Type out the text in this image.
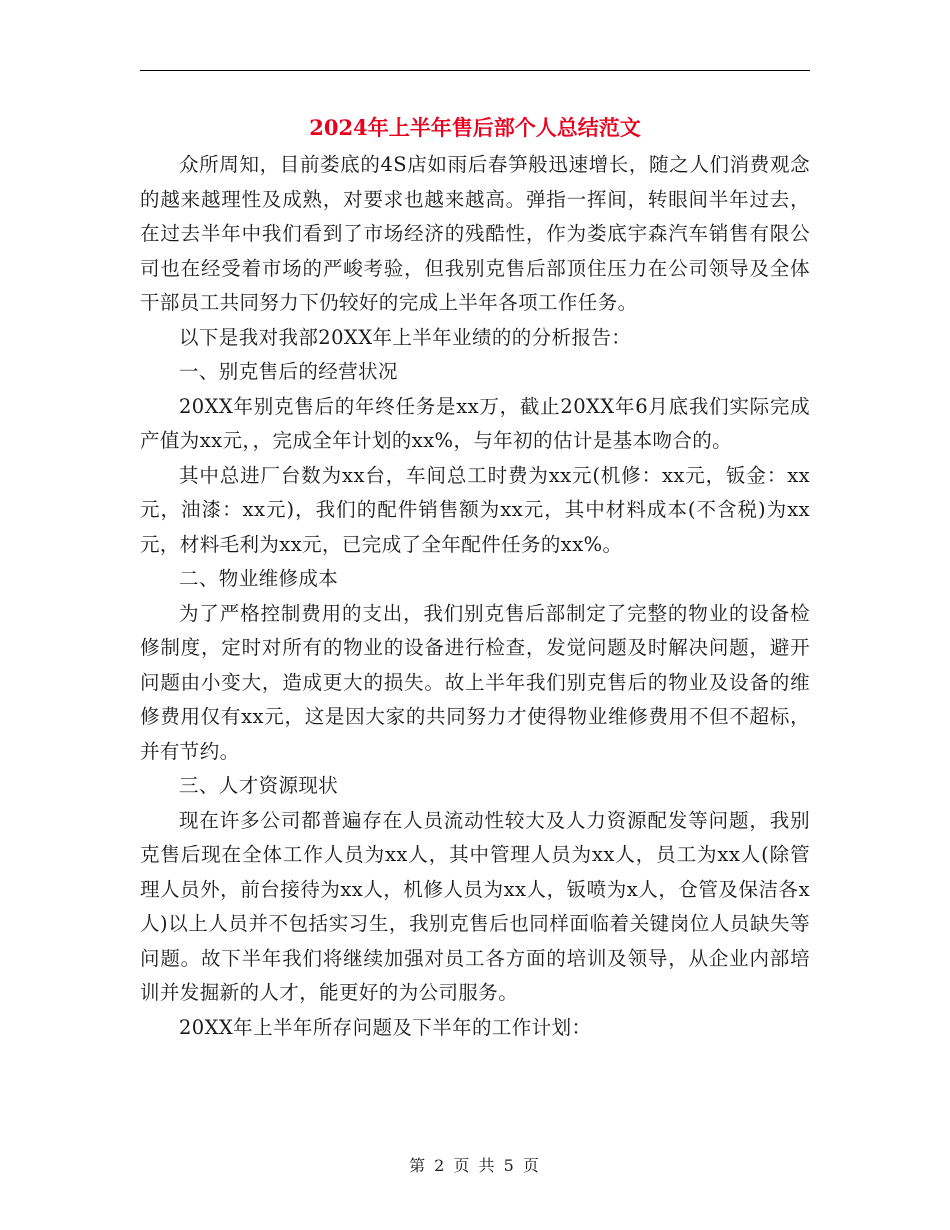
2024年上半年售后部个人总结范文

众所周知，目前娄底的4S店如雨后春笋般迅速增长，随之人们消费观念的越来越理性及成熟，对要求也越来越高。弹指一挥间，转眼间半年过去，在过去半年中我们看到了市场经济的残酷性，作为娄底宇森汽车销售有限公司也在经受着市场的严峻考验，但我别克售后部顶住压力在公司领导及全体干部员工共同努力下仍较好的完成上半年各项工作任务。

以下是我对我部20XX年上半年业绩的的分析报告：

一、别克售后的经营状况

20XX年别克售后的年终任务是xx万，截止20XX年6月底我们实际完成产值为xx元，，完成全年计划的xx%，与年初的估计是基本吻合的。

其中总进厂台数为xx台，车间总工时费为xx元(机修：xx元，钣金：xx元，油漆：xx元)，我们的配件销售额为xx元，其中材料成本(不含税)为xx元，材料毛利为xx元，已完成了全年配件任务的xx%。

二、物业维修成本

为了严格控制费用的支出，我们别克售后部制定了完整的物业的设备检修制度，定时对所有的物业的设备进行检查，发觉问题及时解决问题，避开问题由小变大，造成更大的损失。故上半年我们别克售后的物业及设备的维修费用仅有xx元，这是因大家的共同努力才使得物业维修费用不但不超标，并有节约。

三、人才资源现状

现在许多公司都普遍存在人员流动性较大及人力资源配发等问题，我别克售后现在全体工作人员为xx人，其中管理人员为xx人，员工为xx人(除管理人员外，前台接待为xx人，机修人员为xx人，钣喷为x人，仓管及保洁各x人)以上人员并不包括实习生，我别克售后也同样面临着关键岗位人员缺失等问题。故下半年我们将继续加强对员工各方面的培训及领导，从企业内部培训并发掘新的人才，能更好的为公司服务。

20XX年上半年所存问题及下半年的工作计划：

第 2 页 共 5 页
